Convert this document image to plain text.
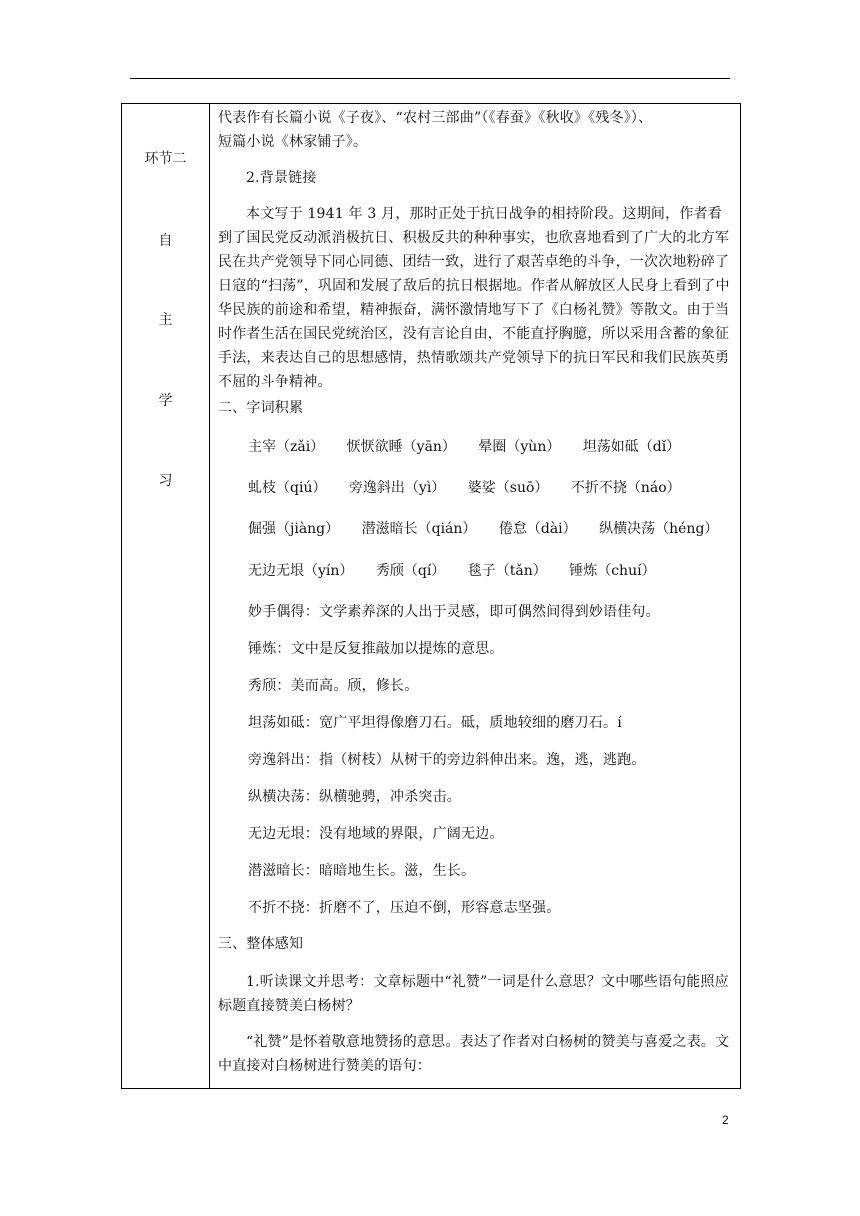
环节二
自
主
学
习

代表作有长篇小说《子夜》、“农村三部曲”（《春蚕》《秋收》《残冬》）、

短篇小说《林家铺子》。

2.背景链接

本文写于 1941 年 3 月，那时正处于抗日战争的相持阶段。这期间，作者看到了国民党反动派消极抗日、积极反共的种种事实，也欣喜地看到了广大的北方军民在共产党领导下同心同德、团结一致，进行了艰苦卓绝的斗争，一次次地粉碎了日寇的“扫荡”，巩固和发展了敌后的抗日根据地。作者从解放区人民身上看到了中华民族的前途和希望，精神振奋，满怀激情地写下了《白杨礼赞》等散文。由于当时作者生活在国民党统治区，没有言论自由，不能直抒胸臆，所以采用含蓄的象征手法，来表达自己的思想感情，热情歌颂共产党领导下的抗日军民和我们民族英勇不屈的斗争精神。

二、字词积累

主宰（zǎi） 恹恹欲睡（yān） 晕圈（yùn） 坦荡如砥（dǐ）
虬枝（qiú） 旁逸斜出（yì） 婆娑（suō） 不折不挠（náo）
倔强（jiàng） 潜滋暗长（qián） 倦怠（dài） 纵横决荡（héng）
无边无垠（yín） 秀颀（qí） 毯子（tǎn） 锤炼（chuí）

妙手偶得：文学素养深的人出于灵感，即可偶然间得到妙语佳句。

锤炼：文中是反复推敲加以提炼的意思。

秀颀：美而高。颀，修长。

坦荡如砥：宽广平坦得像磨刀石。砥，质地较细的磨刀石。í

旁逸斜出：指（树枝）从树干的旁边斜伸出来。逸，逃，逃跑。

纵横决荡：纵横驰骋，冲杀突击。

无边无垠：没有地域的界限，广阔无边。

潜滋暗长：暗暗地生长。滋，生长。

不折不挠：折磨不了，压迫不倒，形容意志坚强。

三、整体感知

1.听读课文并思考：文章标题中“礼赞”一词是什么意思？文中哪些语句能照应标题直接赞美白杨树？

“礼赞”是怀着敬意地赞扬的意思。表达了作者对白杨树的赞美与喜爱之表。文中直接对白杨树进行赞美的语句：

2
